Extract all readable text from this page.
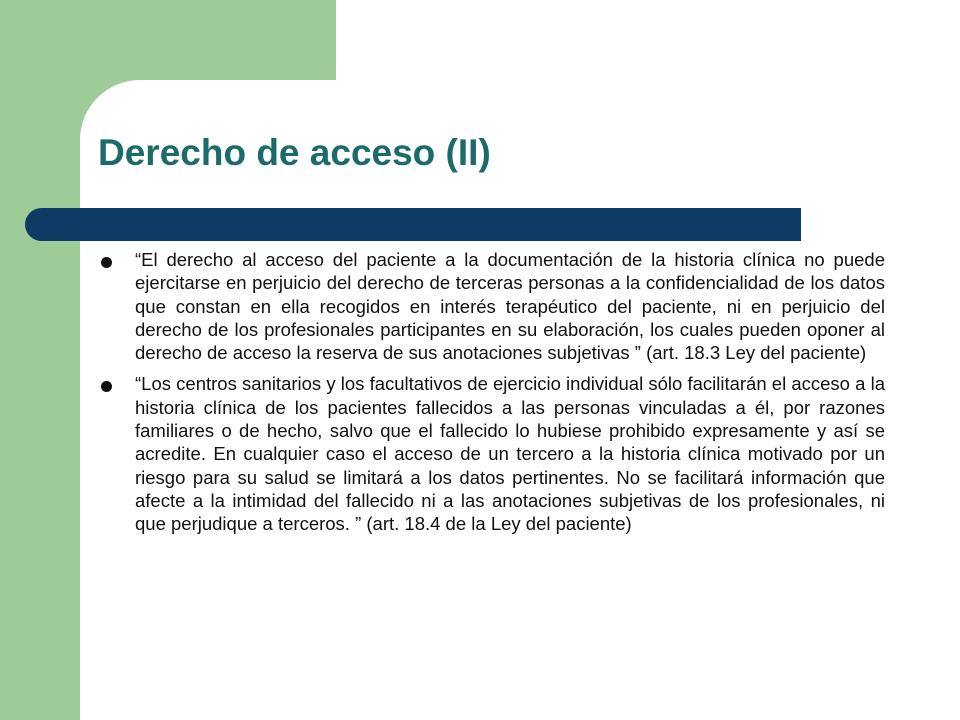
Derecho de acceso (II)
“El derecho al acceso del paciente a la documentación de la historia clínica no puede ejercitarse en perjuicio del derecho de terceras personas a la confidencialidad de los datos que constan en ella recogidos en interés terapéutico del paciente, ni en perjuicio del derecho de los profesionales participantes en su elaboración, los cuales pueden oponer al derecho de acceso la reserva de sus anotaciones subjetivas ” (art. 18.3 Ley del paciente)
“Los centros sanitarios y los facultativos de ejercicio individual sólo facilitarán el acceso a la historia clínica de los pacientes fallecidos a las personas vinculadas a él, por razones familiares o de hecho, salvo que el fallecido lo hubiese prohibido expresamente y así se acredite. En cualquier caso el acceso de un tercero a la historia clínica motivado por un riesgo para su salud se limitará a los datos pertinentes. No se facilitará información que afecte a la intimidad del fallecido ni a las anotaciones subjetivas de los profesionales, ni que perjudique a terceros. ” (art. 18.4 de la Ley del paciente)
